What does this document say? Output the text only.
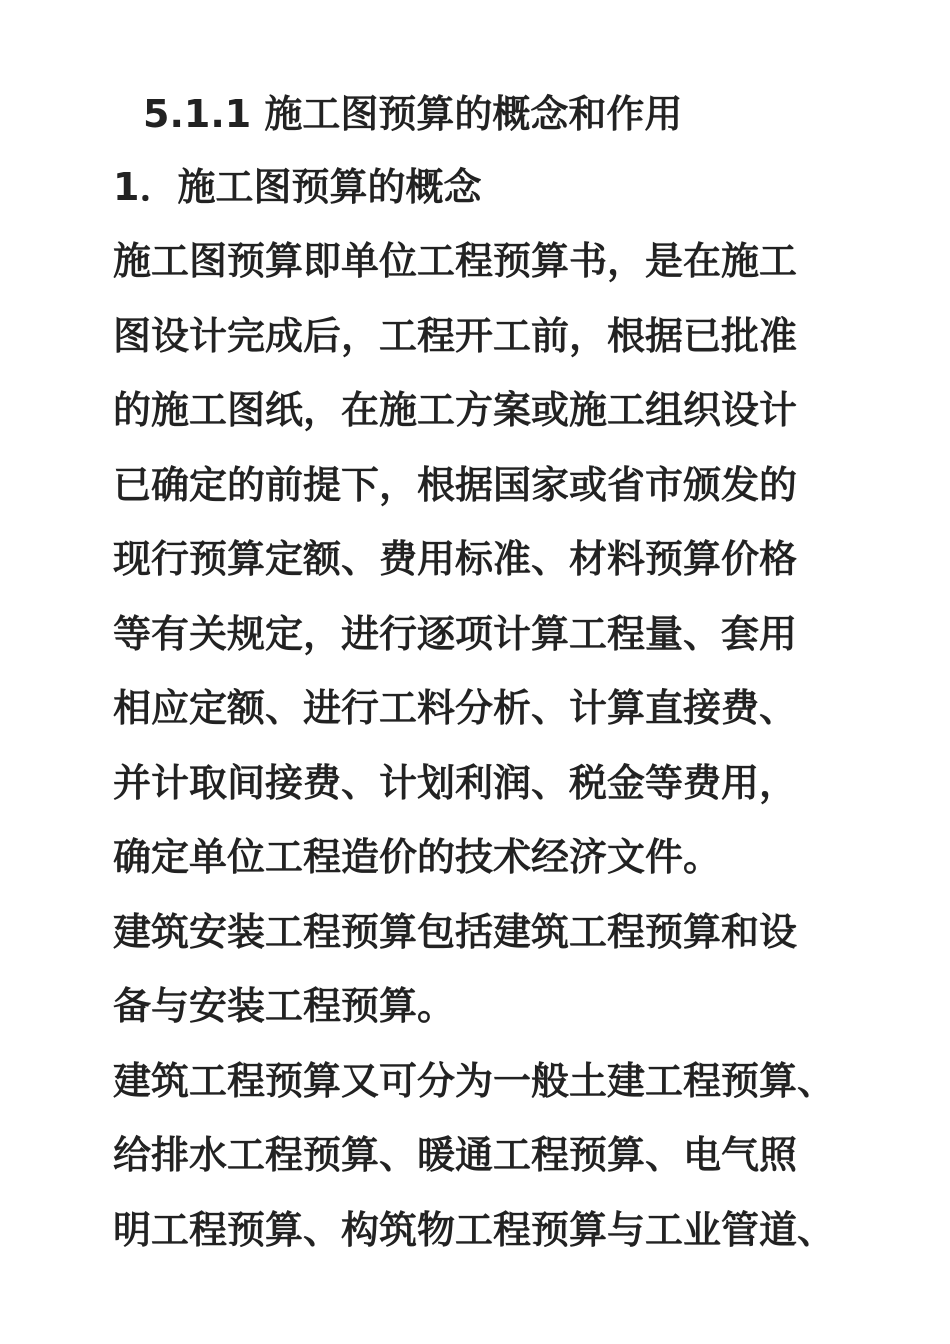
5.1.1 施工图预算的概念和作用
1．施工图预算的概念
施工图预算即单位工程预算书，是在施工
图设计完成后，工程开工前，根据已批准
的施工图纸，在施工方案或施工组织设计
已确定的前提下，根据国家或省市颁发的
现行预算定额、费用标准、材料预算价格
等有关规定，进行逐项计算工程量、套用
相应定额、进行工料分析、计算直接费、
并计取间接费、计划利润、税金等费用，
确定单位工程造价的技术经济文件。
建筑安装工程预算包括建筑工程预算和设
备与安装工程预算。
建筑工程预算又可分为一般土建工程预算、
给排水工程预算、暖通工程预算、电气照
明工程预算、构筑物工程预算与工业管道、
